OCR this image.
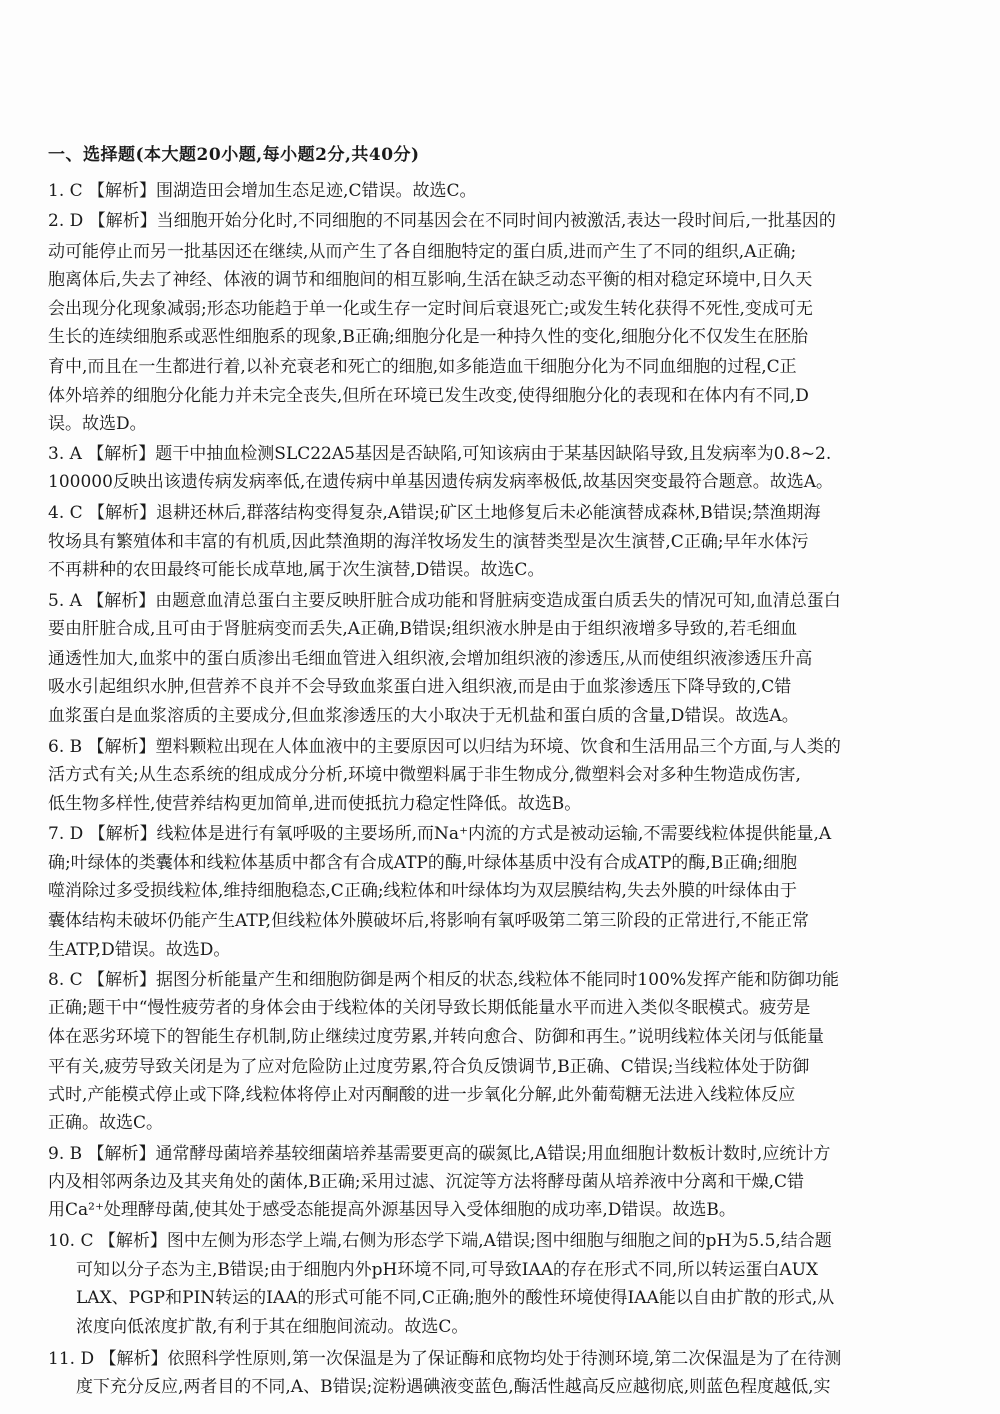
一、选择题(本大题20小题,每小题2分,共40分)
1. C 【解析】围湖造田会增加生态足迹,C错误。故选C。
2. D 【解析】当细胞开始分化时,不同细胞的不同基因会在不同时间内被激活,表达一段时间后,一批基因的
动可能停止而另一批基因还在继续,从而产生了各自细胞特定的蛋白质,进而产生了不同的组织,A正确;
胞离体后,失去了神经、体液的调节和细胞间的相互影响,生活在缺乏动态平衡的相对稳定环境中,日久天
会出现分化现象减弱;形态功能趋于单一化或生存一定时间后衰退死亡;或发生转化获得不死性,变成可无
生长的连续细胞系或恶性细胞系的现象,B正确;细胞分化是一种持久性的变化,细胞分化不仅发生在胚胎
育中,而且在一生都进行着,以补充衰老和死亡的细胞,如多能造血干细胞分化为不同血细胞的过程,C正
体外培养的细胞分化能力并未完全丧失,但所在环境已发生改变,使得细胞分化的表现和在体内有不同,D
误。故选D。
3. A 【解析】题干中抽血检测SLC22A5基因是否缺陷,可知该病由于某基因缺陷导致,且发病率为0.8~2.
100000反映出该遗传病发病率低,在遗传病中单基因遗传病发病率极低,故基因突变最符合题意。故选A。
4. C 【解析】退耕还林后,群落结构变得复杂,A错误;矿区土地修复后未必能演替成森林,B错误;禁渔期海
牧场具有繁殖体和丰富的有机质,因此禁渔期的海洋牧场发生的演替类型是次生演替,C正确;早年水体污
不再耕种的农田最终可能长成草地,属于次生演替,D错误。故选C。
5. A 【解析】由题意血清总蛋白主要反映肝脏合成功能和肾脏病变造成蛋白质丢失的情况可知,血清总蛋白
要由肝脏合成,且可由于肾脏病变而丢失,A正确,B错误;组织液水肿是由于组织液增多导致的,若毛细血
通透性加大,血浆中的蛋白质渗出毛细血管进入组织液,会增加组织液的渗透压,从而使组织液渗透压升高
吸水引起组织水肿,但营养不良并不会导致血浆蛋白进入组织液,而是由于血浆渗透压下降导致的,C错
血浆蛋白是血浆溶质的主要成分,但血浆渗透压的大小取决于无机盐和蛋白质的含量,D错误。故选A。
6. B 【解析】塑料颗粒出现在人体血液中的主要原因可以归结为环境、饮食和生活用品三个方面,与人类的
活方式有关;从生态系统的组成成分分析,环境中微塑料属于非生物成分,微塑料会对多种生物造成伤害,
低生物多样性,使营养结构更加简单,进而使抵抗力稳定性降低。故选B。
7. D 【解析】线粒体是进行有氧呼吸的主要场所,而Na⁺内流的方式是被动运输,不需要线粒体提供能量,A
确;叶绿体的类囊体和线粒体基质中都含有合成ATP的酶,叶绿体基质中没有合成ATP的酶,B正确;细胞
噬消除过多受损线粒体,维持细胞稳态,C正确;线粒体和叶绿体均为双层膜结构,失去外膜的叶绿体由于
囊体结构未破坏仍能产生ATP,但线粒体外膜破坏后,将影响有氧呼吸第二第三阶段的正常进行,不能正常
生ATP,D错误。故选D。
8. C 【解析】据图分析能量产生和细胞防御是两个相反的状态,线粒体不能同时100%发挥产能和防御功能
正确;题干中“慢性疲劳者的身体会由于线粒体的关闭导致长期低能量水平而进入类似冬眠模式。疲劳是
体在恶劣环境下的智能生存机制,防止继续过度劳累,并转向愈合、防御和再生。”说明线粒体关闭与低能量
平有关,疲劳导致关闭是为了应对危险防止过度劳累,符合负反馈调节,B正确、C错误;当线粒体处于防御
式时,产能模式停止或下降,线粒体将停止对丙酮酸的进一步氧化分解,此外葡萄糖无法进入线粒体反应
正确。故选C。
9. B 【解析】通常酵母菌培养基较细菌培养基需要更高的碳氮比,A错误;用血细胞计数板计数时,应统计方
内及相邻两条边及其夹角处的菌体,B正确;采用过滤、沉淀等方法将酵母菌从培养液中分离和干燥,C错
用Ca²⁺处理酵母菌,使其处于感受态能提高外源基因导入受体细胞的成功率,D错误。故选B。
10. C 【解析】图中左侧为形态学上端,右侧为形态学下端,A错误;图中细胞与细胞之间的pH为5.5,结合题
可知以分子态为主,B错误;由于细胞内外pH环境不同,可导致IAA的存在形式不同,所以转运蛋白AUX
LAX、PGP和PIN转运的IAA的形式可能不同,C正确;胞外的酸性环境使得IAA能以自由扩散的形式,从
浓度向低浓度扩散,有利于其在细胞间流动。故选C。
11. D 【解析】依照科学性原则,第一次保温是为了保证酶和底物均处于待测环境,第二次保温是为了在待测
度下充分反应,两者目的不同,A、B错误;淀粉遇碘液变蓝色,酶活性越高反应越彻底,则蓝色程度越低,实
